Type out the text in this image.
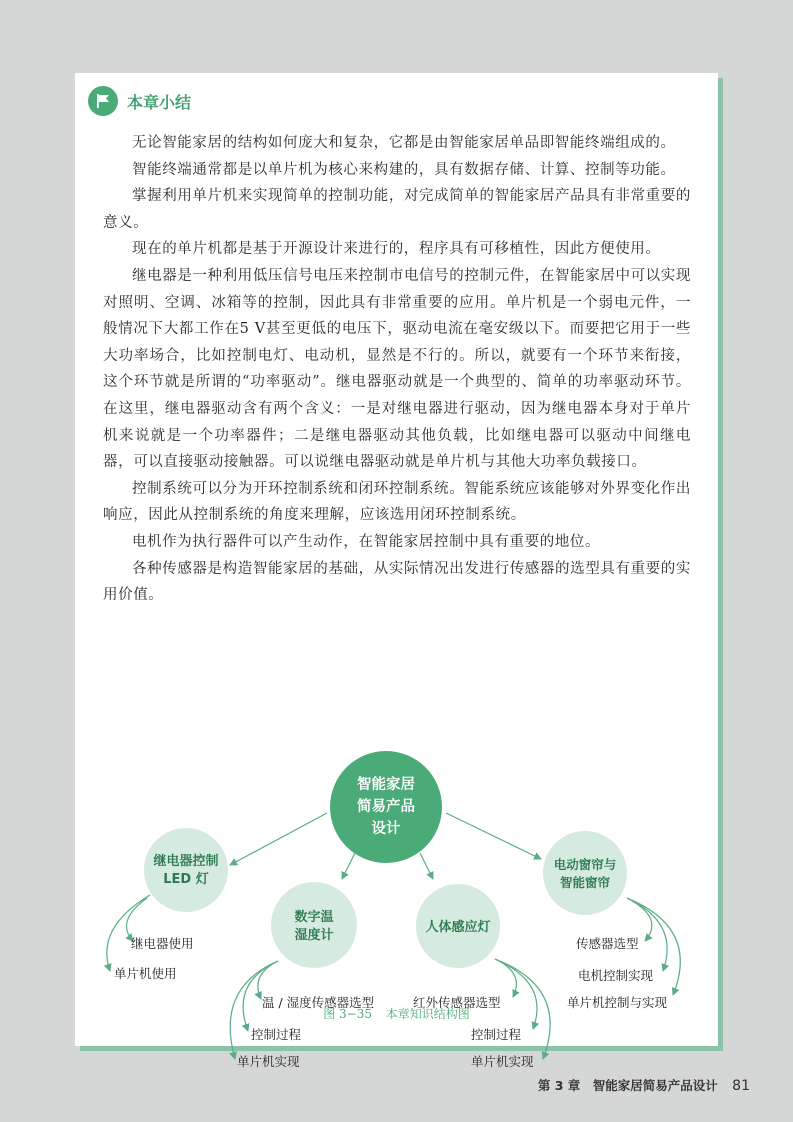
本章小结

无论智能家居的结构如何庞大和复杂，它都是由智能家居单品即智能终端组成的。

智能终端通常都是以单片机为核心来构建的，具有数据存储、计算、控制等功能。

掌握利用单片机来实现简单的控制功能，对完成简单的智能家居产品具有非常重要的意义。

现在的单片机都是基于开源设计来进行的，程序具有可移植性，因此方便使用。

继电器是一种利用低压信号电压来控制市电信号的控制元件，在智能家居中可以实现对照明、空调、冰箱等的控制，因此具有非常重要的应用。单片机是一个弱电元件，一般情况下大都工作在5 V甚至更低的电压下，驱动电流在毫安级以下。而要把它用于一些大功率场合，比如控制电灯、电动机，显然是不行的。所以，就要有一个环节来衔接，这个环节就是所谓的“功率驱动”。继电器驱动就是一个典型的、简单的功率驱动环节。在这里，继电器驱动含有两个含义：一是对继电器进行驱动，因为继电器本身对于单片机来说就是一个功率器件；二是继电器驱动其他负载，比如继电器可以驱动中间继电器，可以直接驱动接触器。可以说继电器驱动就是单片机与其他大功率负载接口。

控制系统可以分为开环控制系统和闭环控制系统。智能系统应该能够对外界变化作出响应，因此从控制系统的角度来理解，应该选用闭环控制系统。

电机作为执行器件可以产生动作，在智能家居控制中具有重要的地位。

各种传感器是构造智能家居的基础，从实际情况出发进行传感器的选型具有重要的实用价值。

智能家居
简易产品
设计
继电器控制
LED 灯
继电器使用
单片机使用
数字温
湿度计
温 / 湿度传感器选型
控制过程
单片机实现
人体感应灯
红外传感器选型
控制过程
单片机实现
电动窗帘与
智能窗帘
传感器选型
电机控制实现
单片机控制与实现
图 3−35 本章知识结构图
第 3 章　智能家居简易产品设计 81
